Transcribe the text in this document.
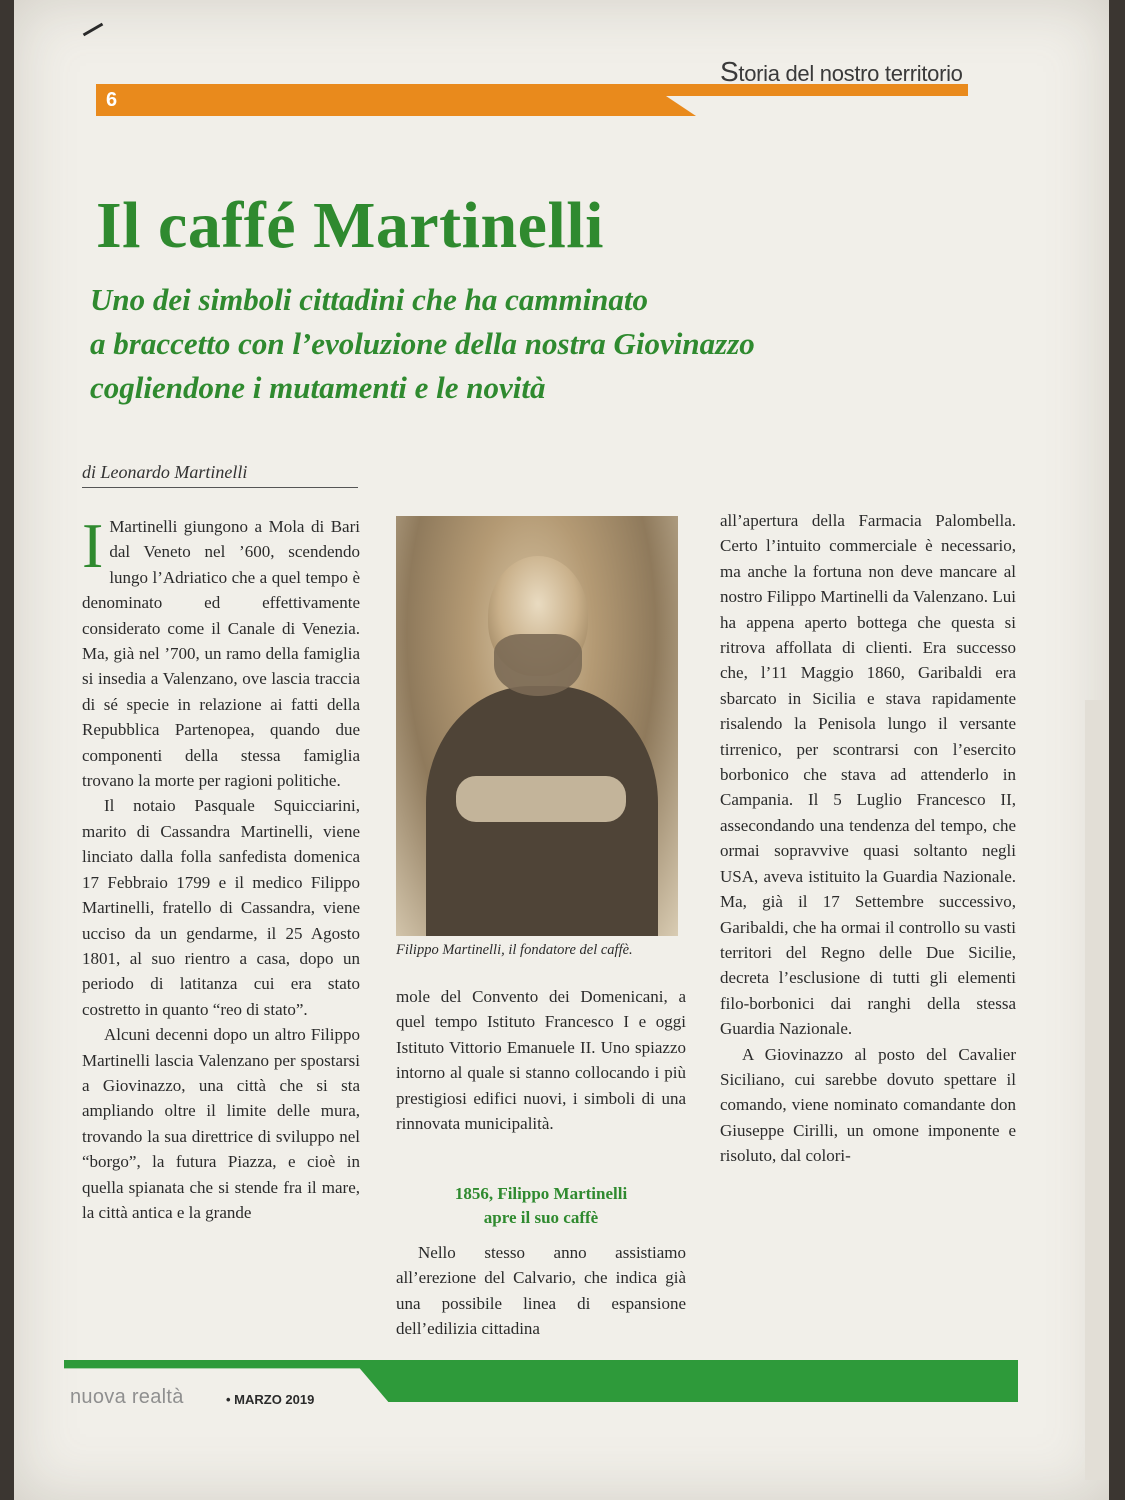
6
Storia del nostro territorio
Il caffé Martinelli
Uno dei simboli cittadini che ha camminato
a braccetto con l’evoluzione della nostra Giovinazzo
cogliendone i mutamenti e le novità
di Leonardo Martinelli

I Martinelli giungono a Mola di Bari dal Veneto nel ’600, scendendo lungo l’Adriatico che a quel tempo è denominato ed effettivamente considerato come il Canale di Venezia. Ma, già nel ’700, un ramo della famiglia si insedia a Valenzano, ove lascia traccia di sé specie in relazione ai fatti della Repubblica Partenopea, quando due componenti della stessa famiglia trovano la morte per ragioni politiche.

Il notaio Pasquale Squicciarini, marito di Cassandra Martinelli, viene linciato dalla folla sanfedista domenica 17 Febbraio 1799 e il medico Filippo Martinelli, fratello di Cassandra, viene ucciso da un gendarme, il 25 Agosto 1801, al suo rientro a casa, dopo un periodo di latitanza cui era stato costretto in quanto “reo di stato”.

Alcuni decenni dopo un altro Filippo Martinelli lascia Valenzano per spostarsi a Giovinazzo, una città che si sta ampliando oltre il limite delle mura, trovando la sua direttrice di sviluppo nel “borgo”, la futura Piazza, e cioè in quella spianata che si stende fra il mare, la città antica e la grande

Filippo Martinelli, il fondatore del caffè.

mole del Convento dei Domenicani, a quel tempo Istituto Francesco I e oggi Istituto Vittorio Emanuele II. Uno spiazzo intorno al quale si stanno collocando i più prestigiosi edifici nuovi, i simboli di una rinnovata municipalità.

1856, Filippo Martinelli
apre il suo caffè

Nello stesso anno assistiamo all’erezione del Calvario, che indica già una possibile linea di espansione dell’edilizia cittadina

all’apertura della Farmacia Palombella. Certo l’intuito commerciale è necessario, ma anche la fortuna non deve mancare al nostro Filippo Martinelli da Valenzano. Lui ha appena aperto bottega che questa si ritrova affollata di clienti. Era successo che, l’11 Maggio 1860, Garibaldi era sbarcato in Sicilia e stava rapidamente risalendo la Penisola lungo il versante tirrenico, per scontrarsi con l’esercito borbonico che stava ad attenderlo in Campania. Il 5 Luglio Francesco II, assecondando una tendenza del tempo, che ormai sopravvive quasi soltanto negli USA, aveva istituito la Guardia Nazionale. Ma, già il 17 Settembre successivo, Garibaldi, che ha ormai il controllo su vasti territori del Regno delle Due Sicilie, decreta l’esclusione di tutti gli elementi filo-borbonici dai ranghi della stessa Guardia Nazionale.

A Giovinazzo al posto del Cavalier Siciliano, cui sarebbe dovuto spettare il comando, viene nominato comandante don Giuseppe Cirilli, un omone imponente e risoluto, dal colori-

nuova realtà	• MARZO 2019
